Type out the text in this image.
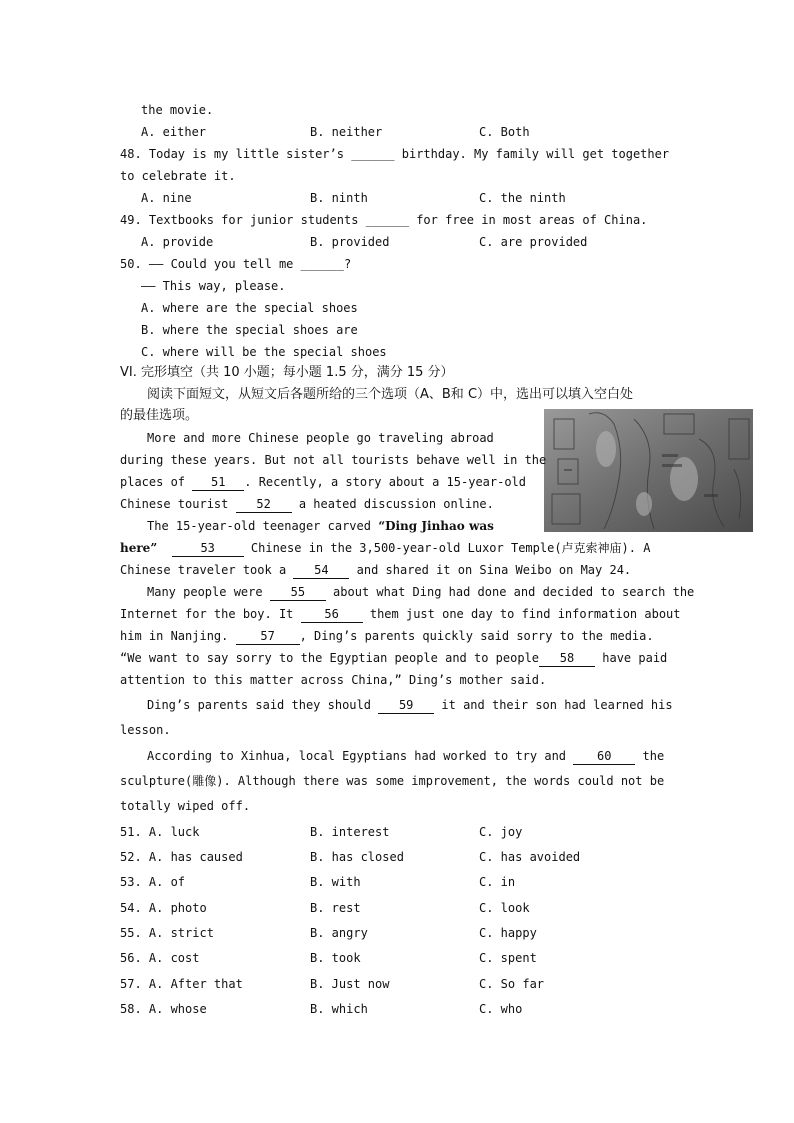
the movie.
A. either	B. neither	C. Both
48. Today is my little sister’s ______ birthday. My family will get together
to celebrate it.
A. nine	B. ninth	C. the ninth
49. Textbooks for junior students ______ for free in most areas of China.
A. provide	B. provided	C. are provided
50. —— Could you tell me ______?
—— This way, please.
A. where are the special shoes
B. where the special shoes are
C. where will be the special shoes
VI. 完形填空（共 10 小题；每小题 1.5 分，满分 15 分）
阅读下面短文，从短文后各题所给的三个选项（A、B和 C）中，选出可以填入空白处
的最佳选项。
More and more Chinese people go traveling abroad
during these years. But not all tourists behave well in the
places of 51 . Recently, a story about a 15-year-old
Chinese tourist 52 a heated discussion online.
The 15-year-old teenager carved “Ding Jinhao was
here”	53 Chinese in the 3,500-year-old Luxor Temple(卢克索神庙). A
Chinese traveler took a 54 and shared it on Sina Weibo on May 24.
Many people were 55 about what Ding had done and decided to search the
Internet for the boy. It 56 them just one day to find information about
him in Nanjing. 57 , Ding’s parents quickly said sorry to the media.
“We want to say sorry to the Egyptian people and to people 58 have paid
attention to this matter across China,” Ding’s mother said.
Ding’s parents said they should 59 it and their son had learned his
lesson.
According to Xinhua, local Egyptians had worked to try and 60 the
sculpture(雕像). Although there was some improvement, the words could not be
totally wiped off.
51. A. luck	B. interest	C. joy
52. A. has caused	B. has closed	C. has avoided
53. A. of	B. with	C. in
54. A. photo	B. rest	C. look
55. A. strict	B. angry	C. happy
56. A. cost	B. took	C. spent
57. A. After that	B. Just now	C. So far
58. A. whose	B. which	C. who
